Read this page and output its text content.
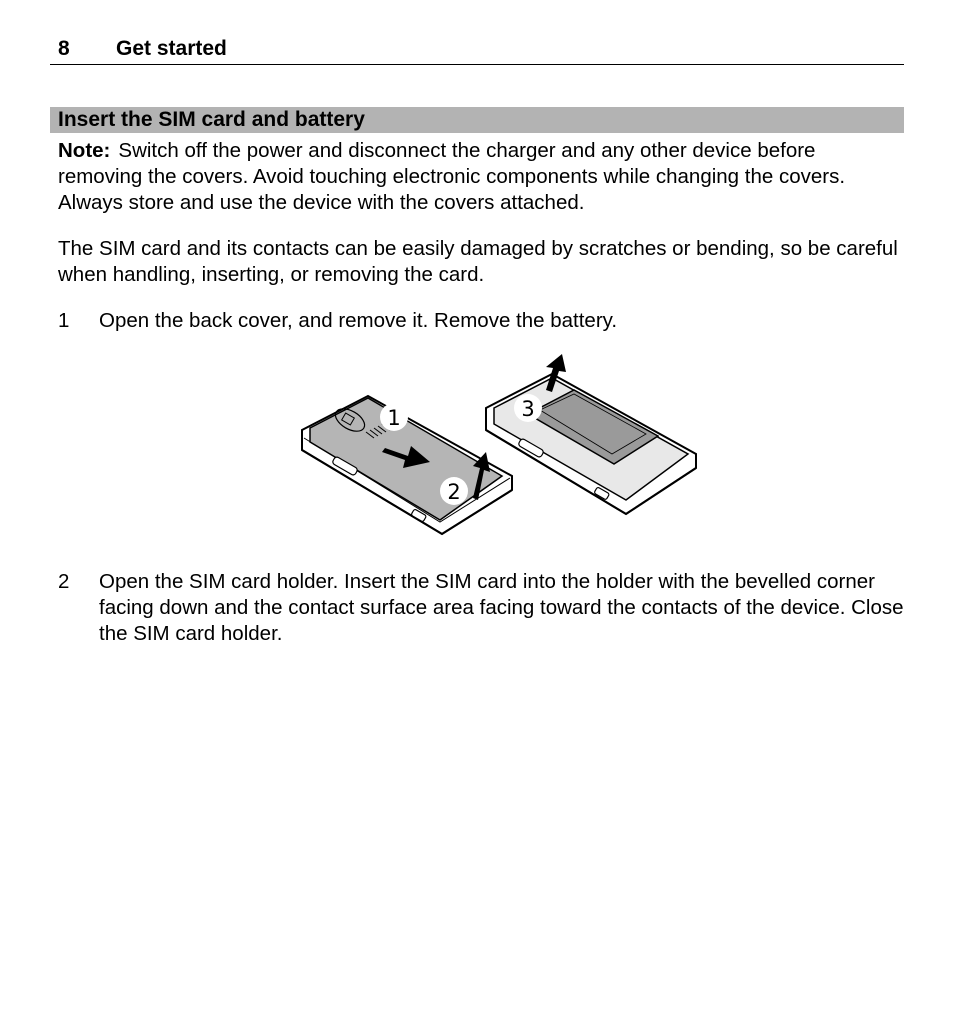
8 Get started
Insert the SIM card and battery
Note: Switch off the power and disconnect the charger and any other device before removing the covers. Avoid touching electronic components while changing the covers. Always store and use the device with the covers attached.
The SIM card and its contacts can be easily damaged by scratches or bending, so be careful when handling, inserting, or removing the card.
1 Open the back cover, and remove it. Remove the battery.
1
2
3
2 Open the SIM card holder. Insert the SIM card into the holder with the bevelled corner facing down and the contact surface area facing toward the contacts of the device. Close the SIM card holder.
